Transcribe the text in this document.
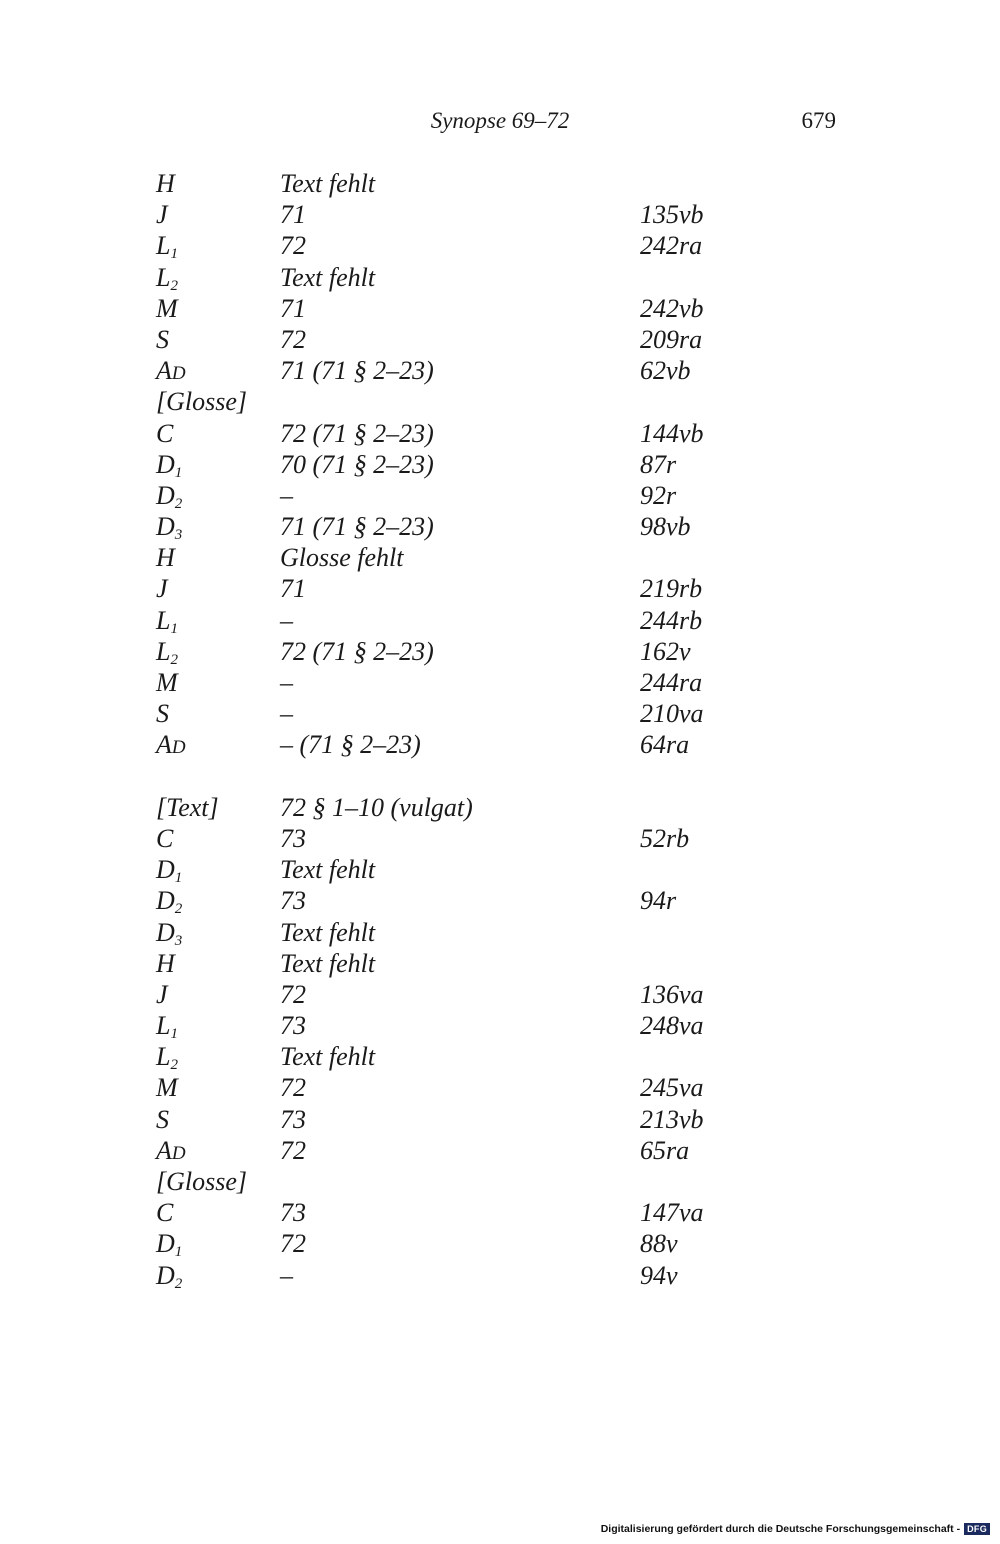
Synopse 69–72	679
H	Text fehlt
J	71	135vb
$L_1$	72	242ra
$L_2$	Text fehlt
M	71	242vb
S	72	209ra
AD	71 (71 § 2–23)	62vb
[Glosse]
C	72 (71 § 2–23)	144vb
$D_1$	70 (71 § 2–23)	87r
$D_2$	–	92r
$D_3$	71 (71 § 2–23)	98vb
H	Glosse fehlt
J	71	219rb
$L_1$	–	244rb
$L_2$	72 (71 § 2–23)	162v
M	–	244ra
S	–	210va
AD	– (71 § 2–23)	64ra
[Text] 72 § 1–10 (vulgat)
C	73	52rb
$D_1$	Text fehlt
$D_2$	73	94r
$D_3$	Text fehlt
H	Text fehlt
J	72	136va
$L_1$	73	248va
$L_2$	Text fehlt
M	72	245va
S	73	213vb
AD	72	65ra
[Glosse]
C	73	147va
$D_1$	72	88v
$D_2$	–	94v
Digitalisierung gefördert durch die Deutsche Forschungsgemeinschaft - DFG
